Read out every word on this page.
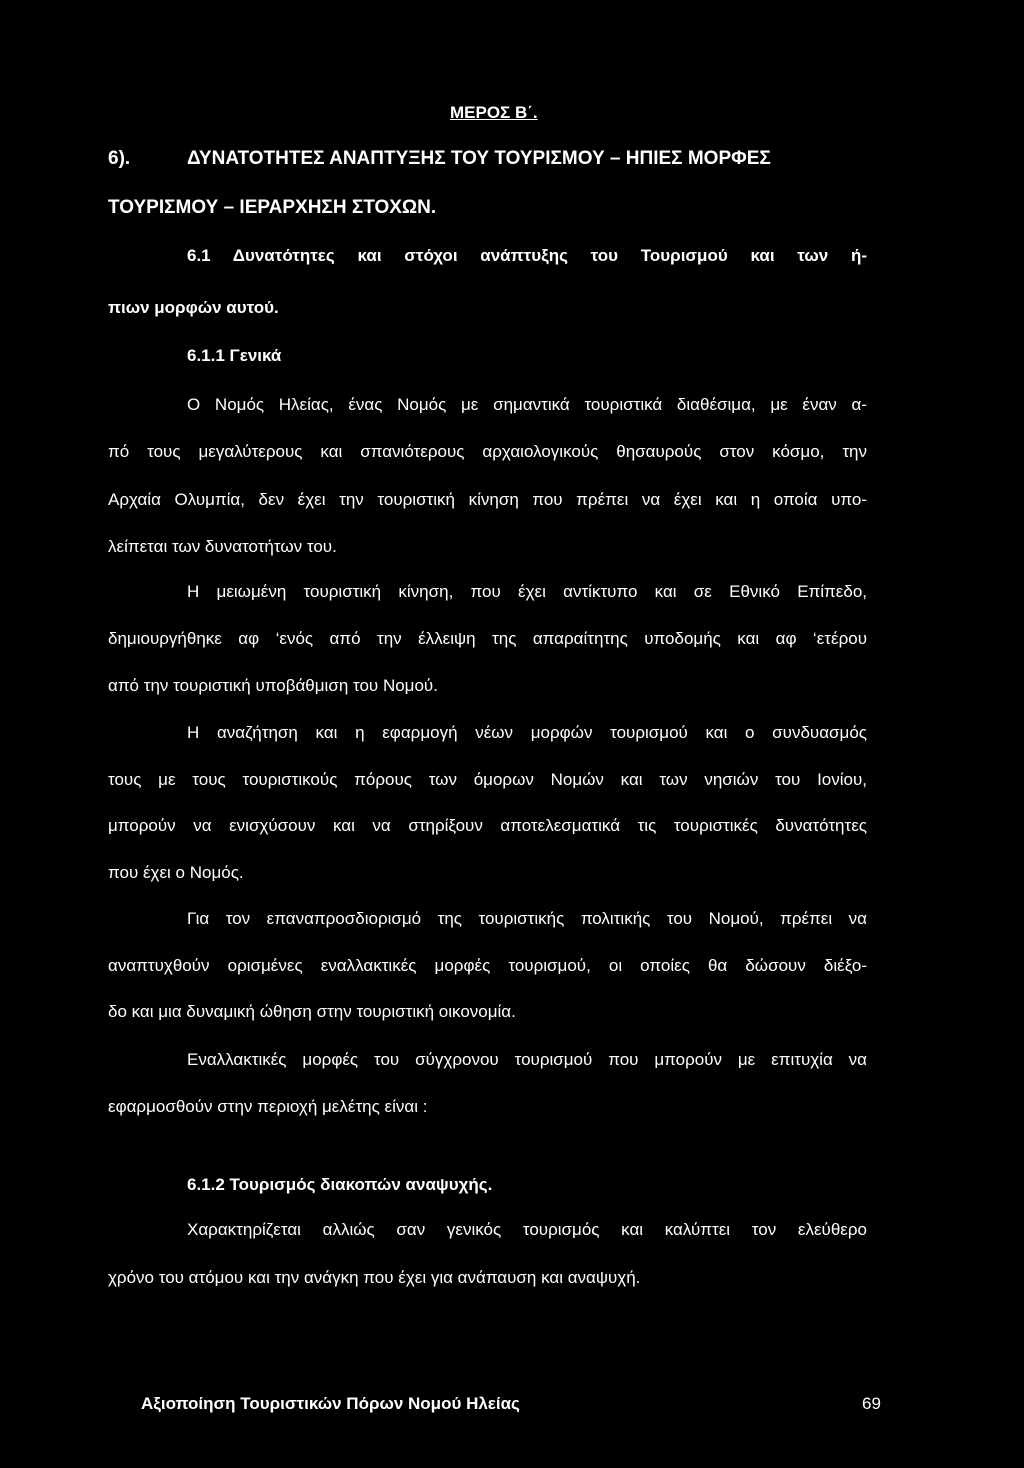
ΜΕΡΟΣ Β΄.
6).	ΔΥΝΑΤΟΤΗΤΕΣ ΑΝΑΠΤΥΞΗΣ ΤΟΥ ΤΟΥΡΙΣΜΟΥ – ΗΠΙΕΣ ΜΟΡΦΕΣ
ΤΟΥΡΙΣΜΟΥ – ΙΕΡΑΡΧΗΣΗ ΣΤΟΧΩΝ.
6.1 Δυνατότητες και στόχοι ανάπτυξης του Τουρισμού και των ή-
πιων μορφών αυτού.
6.1.1 Γενικά
Ο Νομός Ηλείας, ένας Νομός με σημαντικά τουριστικά διαθέσιμα, με έναν α-
πό τους μεγαλύτερους και σπανιότερους αρχαιολογικούς θησαυρούς στον κόσμο, την
Αρχαία Ολυμπία, δεν έχει την τουριστική κίνηση που πρέπει να έχει και η οποία υπο-
λείπεται των δυνατοτήτων του.
Η μειωμένη τουριστική κίνηση, που έχει αντίκτυπο και σε Εθνικό Επίπεδο,
δημιουργήθηκε αφ ‘ενός από την έλλειψη της απαραίτητης υποδομής και αφ ‘ετέρου
από την τουριστική υποβάθμιση του Νομού.
Η αναζήτηση και η εφαρμογή νέων μορφών τουρισμού και ο συνδυασμός
τους με τους τουριστικούς πόρους των όμορων Νομών και των νησιών του Ιονίου,
μπορούν να ενισχύσουν και να στηρίξουν αποτελεσματικά τις τουριστικές δυνατότητες
που έχει ο Νομός.
Για τον επαναπροσδιορισμό της τουριστικής πολιτικής του Νομού, πρέπει να
αναπτυχθούν ορισμένες εναλλακτικές μορφές τουρισμού, οι οποίες θα δώσουν διέξο-
δο και μια δυναμική ώθηση στην τουριστική οικονομία.
Εναλλακτικές μορφές του σύγχρονου τουρισμού που μπορούν με επιτυχία να
εφαρμοσθούν στην περιοχή μελέτης είναι :
6.1.2 Τουρισμός διακοπών αναψυχής.
Χαρακτηρίζεται αλλιώς σαν γενικός τουρισμός και καλύπτει τον ελεύθερο
χρόνο του ατόμου και την ανάγκη που έχει για ανάπαυση και αναψυχή.
Αξιοποίηση Τουριστικών Πόρων Νομού Ηλείας	69
